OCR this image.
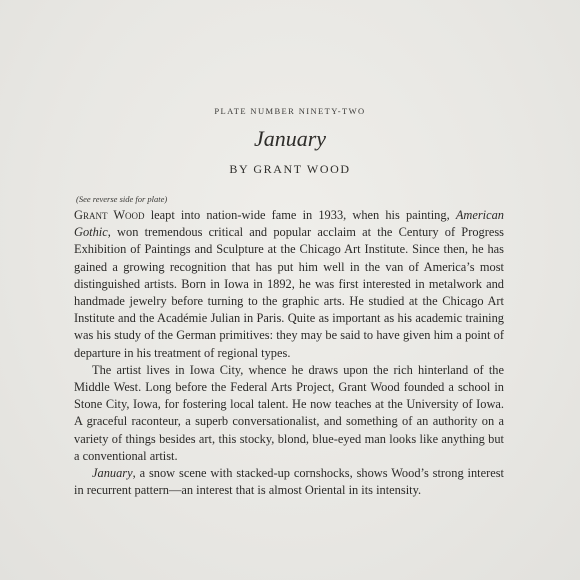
PLATE NUMBER NINETY-TWO
January
BY GRANT WOOD
(See reverse side for plate)

Grant Wood leapt into nation-wide fame in 1933, when his painting, American Gothic, won tremendous critical and popular acclaim at the Century of Progress Exhibition of Paintings and Sculpture at the Chicago Art Institute. Since then, he has gained a growing recognition that has put him well in the van of America’s most distinguished artists. Born in Iowa in 1892, he was first interested in metalwork and handmade jewelry before turning to the graphic arts. He studied at the Chicago Art Institute and the Académie Julian in Paris. Quite as important as his academic training was his study of the German primitives: they may be said to have given him a point of departure in his treatment of regional types.

The artist lives in Iowa City, whence he draws upon the rich hinterland of the Middle West. Long before the Federal Arts Project, Grant Wood founded a school in Stone City, Iowa, for fostering local talent. He now teaches at the University of Iowa. A graceful raconteur, a superb conversationalist, and something of an authority on a variety of things besides art, this stocky, blond, blue-eyed man looks like anything but a conventional artist.

January, a snow scene with stacked-up cornshocks, shows Wood’s strong interest in recurrent pattern—an interest that is almost Oriental in its intensity.
